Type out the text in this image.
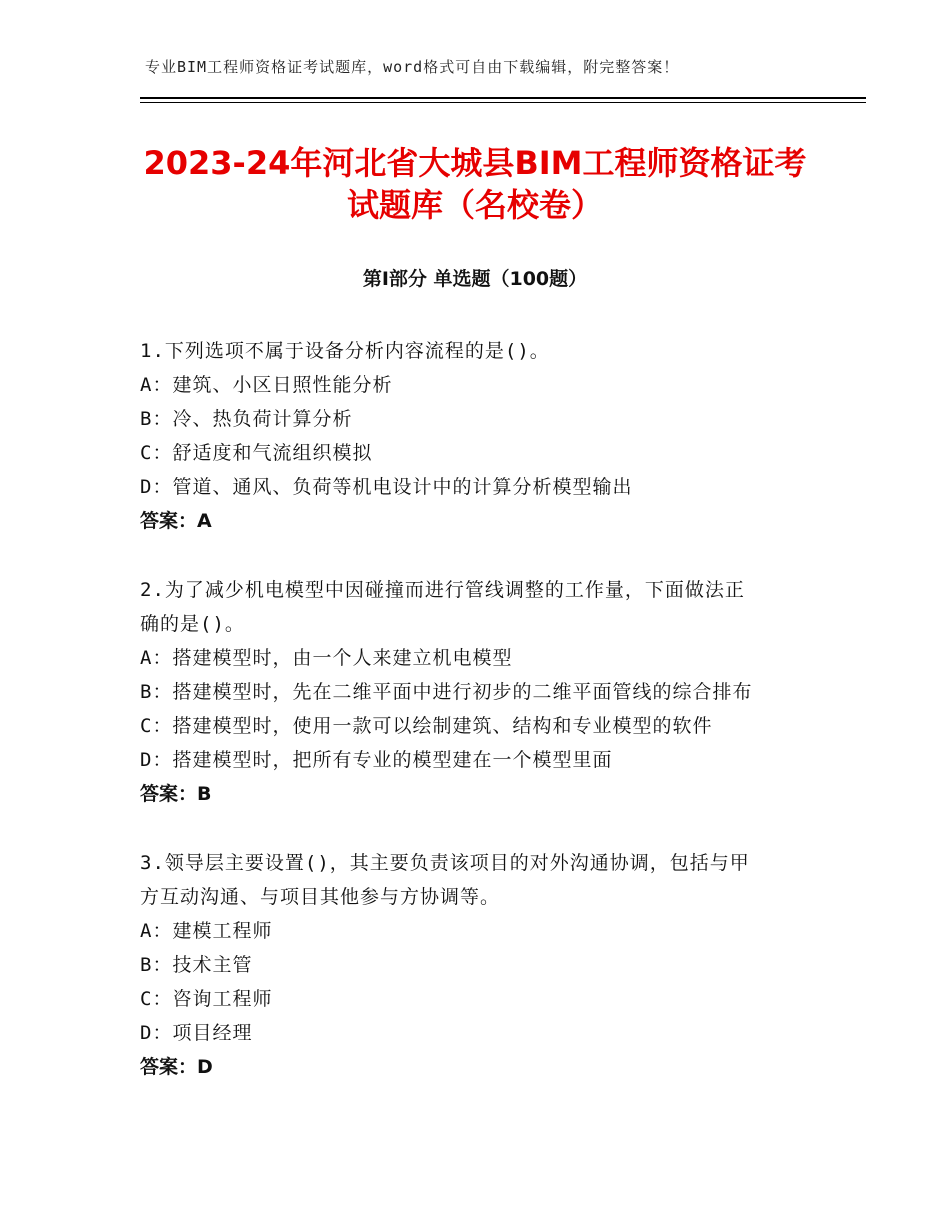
专业BIM工程师资格证考试题库，word格式可自由下载编辑，附完整答案！
2023-24年河北省大城县BIM工程师资格证考
试题库（名校卷）
第Ⅰ部分 单选题（100题）
1.下列选项不属于设备分析内容流程的是()。
A：建筑、小区日照性能分析
B：冷、热负荷计算分析
C：舒适度和气流组织模拟
D：管道、通风、负荷等机电设计中的计算分析模型输出
答案：A
2.为了减少机电模型中因碰撞而进行管线调整的工作量，下面做法正
确的是()。
A：搭建模型时，由一个人来建立机电模型
B：搭建模型时，先在二维平面中进行初步的二维平面管线的综合排布
C：搭建模型时，使用一款可以绘制建筑、结构和专业模型的软件
D：搭建模型时，把所有专业的模型建在一个模型里面
答案：B
3.领导层主要设置()，其主要负责该项目的对外沟通协调，包括与甲
方互动沟通、与项目其他参与方协调等。
A：建模工程师
B：技术主管
C：咨询工程师
D：项目经理
答案：D
